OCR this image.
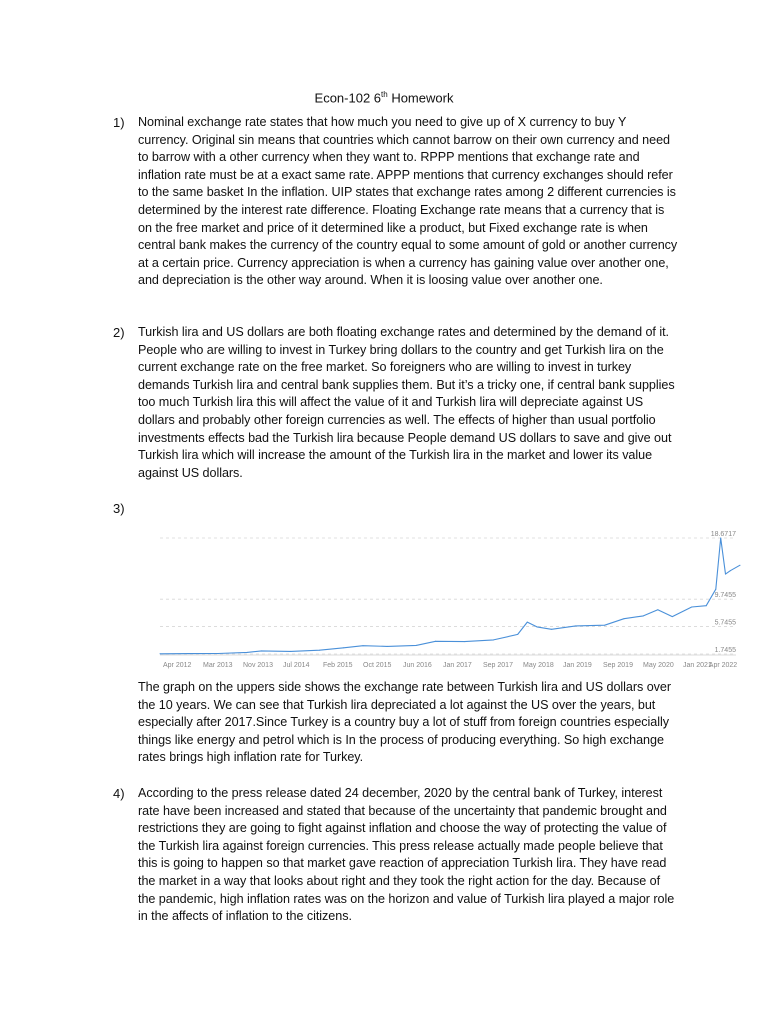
Econ-102 6th Homework
1) Nominal exchange rate states that how much you need to give up of X currency to buy Y currency. Original sin means that countries which cannot barrow on their own currency and need to barrow with a other currency when they want to. RPPP mentions that exchange rate and inflation rate must be at a exact same rate. APPP mentions that currency exchanges should refer to the same basket In the inflation. UIP states that exchange rates among 2 different currencies is determined by the interest rate difference. Floating Exchange rate means that a currency that is on the free market and price of it determined like a product, but Fixed exchange rate is when central bank makes the currency of the country equal to some amount of gold or another currency at a certain price. Currency appreciation is when a currency has gaining value over another one, and depreciation is the other way around. When it is loosing value over another one.
2) Turkish lira and US dollars are both floating exchange rates and determined by the demand of it. People who are willing to invest in Turkey bring dollars to the country and get Turkish lira on the current exchange rate on the free market. So foreigners who are willing to invest in turkey demands Turkish lira and central bank supplies them. But it’s a tricky one, if central bank supplies too much Turkish lira this will affect the value of it and Turkish lira will depreciate against US dollars and probably other foreign currencies as well. The effects of higher than usual portfolio investments effects bad the Turkish lira because People demand US dollars to save and give out Turkish lira which will increase the amount of the Turkish lira in the market and lower its value against US dollars.
3)
1.7455
5.7455
9.7455
18.6717
Apr 2012 Mar 2013 Nov 2013 Jul 2014 Feb 2015 Oct 2015 Jun 2016 Jan 2017 Sep 2017 May 2018 Jan 2019 Sep 2019 May 2020 Jan 2021
Apr 2022
The graph on the uppers side shows the exchange rate between Turkish lira and US dollars over the 10 years. We can see that Turkish lira depreciated a lot against the US over the years, but especially after 2017.Since Turkey is a country buy a lot of stuff from foreign countries especially things like energy and petrol which is In the process of producing everything. So high exchange rates brings high inflation rate for Turkey.
4) According to the press release dated 24 december, 2020 by the central bank of Turkey, interest rate have been increased and stated that because of the uncertainty that pandemic brought and restrictions they are going to fight against inflation and choose the way of protecting the value of the Turkish lira against foreign currencies. This press release actually made people believe that this is going to happen so that market gave reaction of appreciation Turkish lira. They have read the market in a way that looks about right and they took the right action for the day. Because of the pandemic, high inflation rates was on the horizon and value of Turkish lira played a major role in the affects of inflation to the citizens.
